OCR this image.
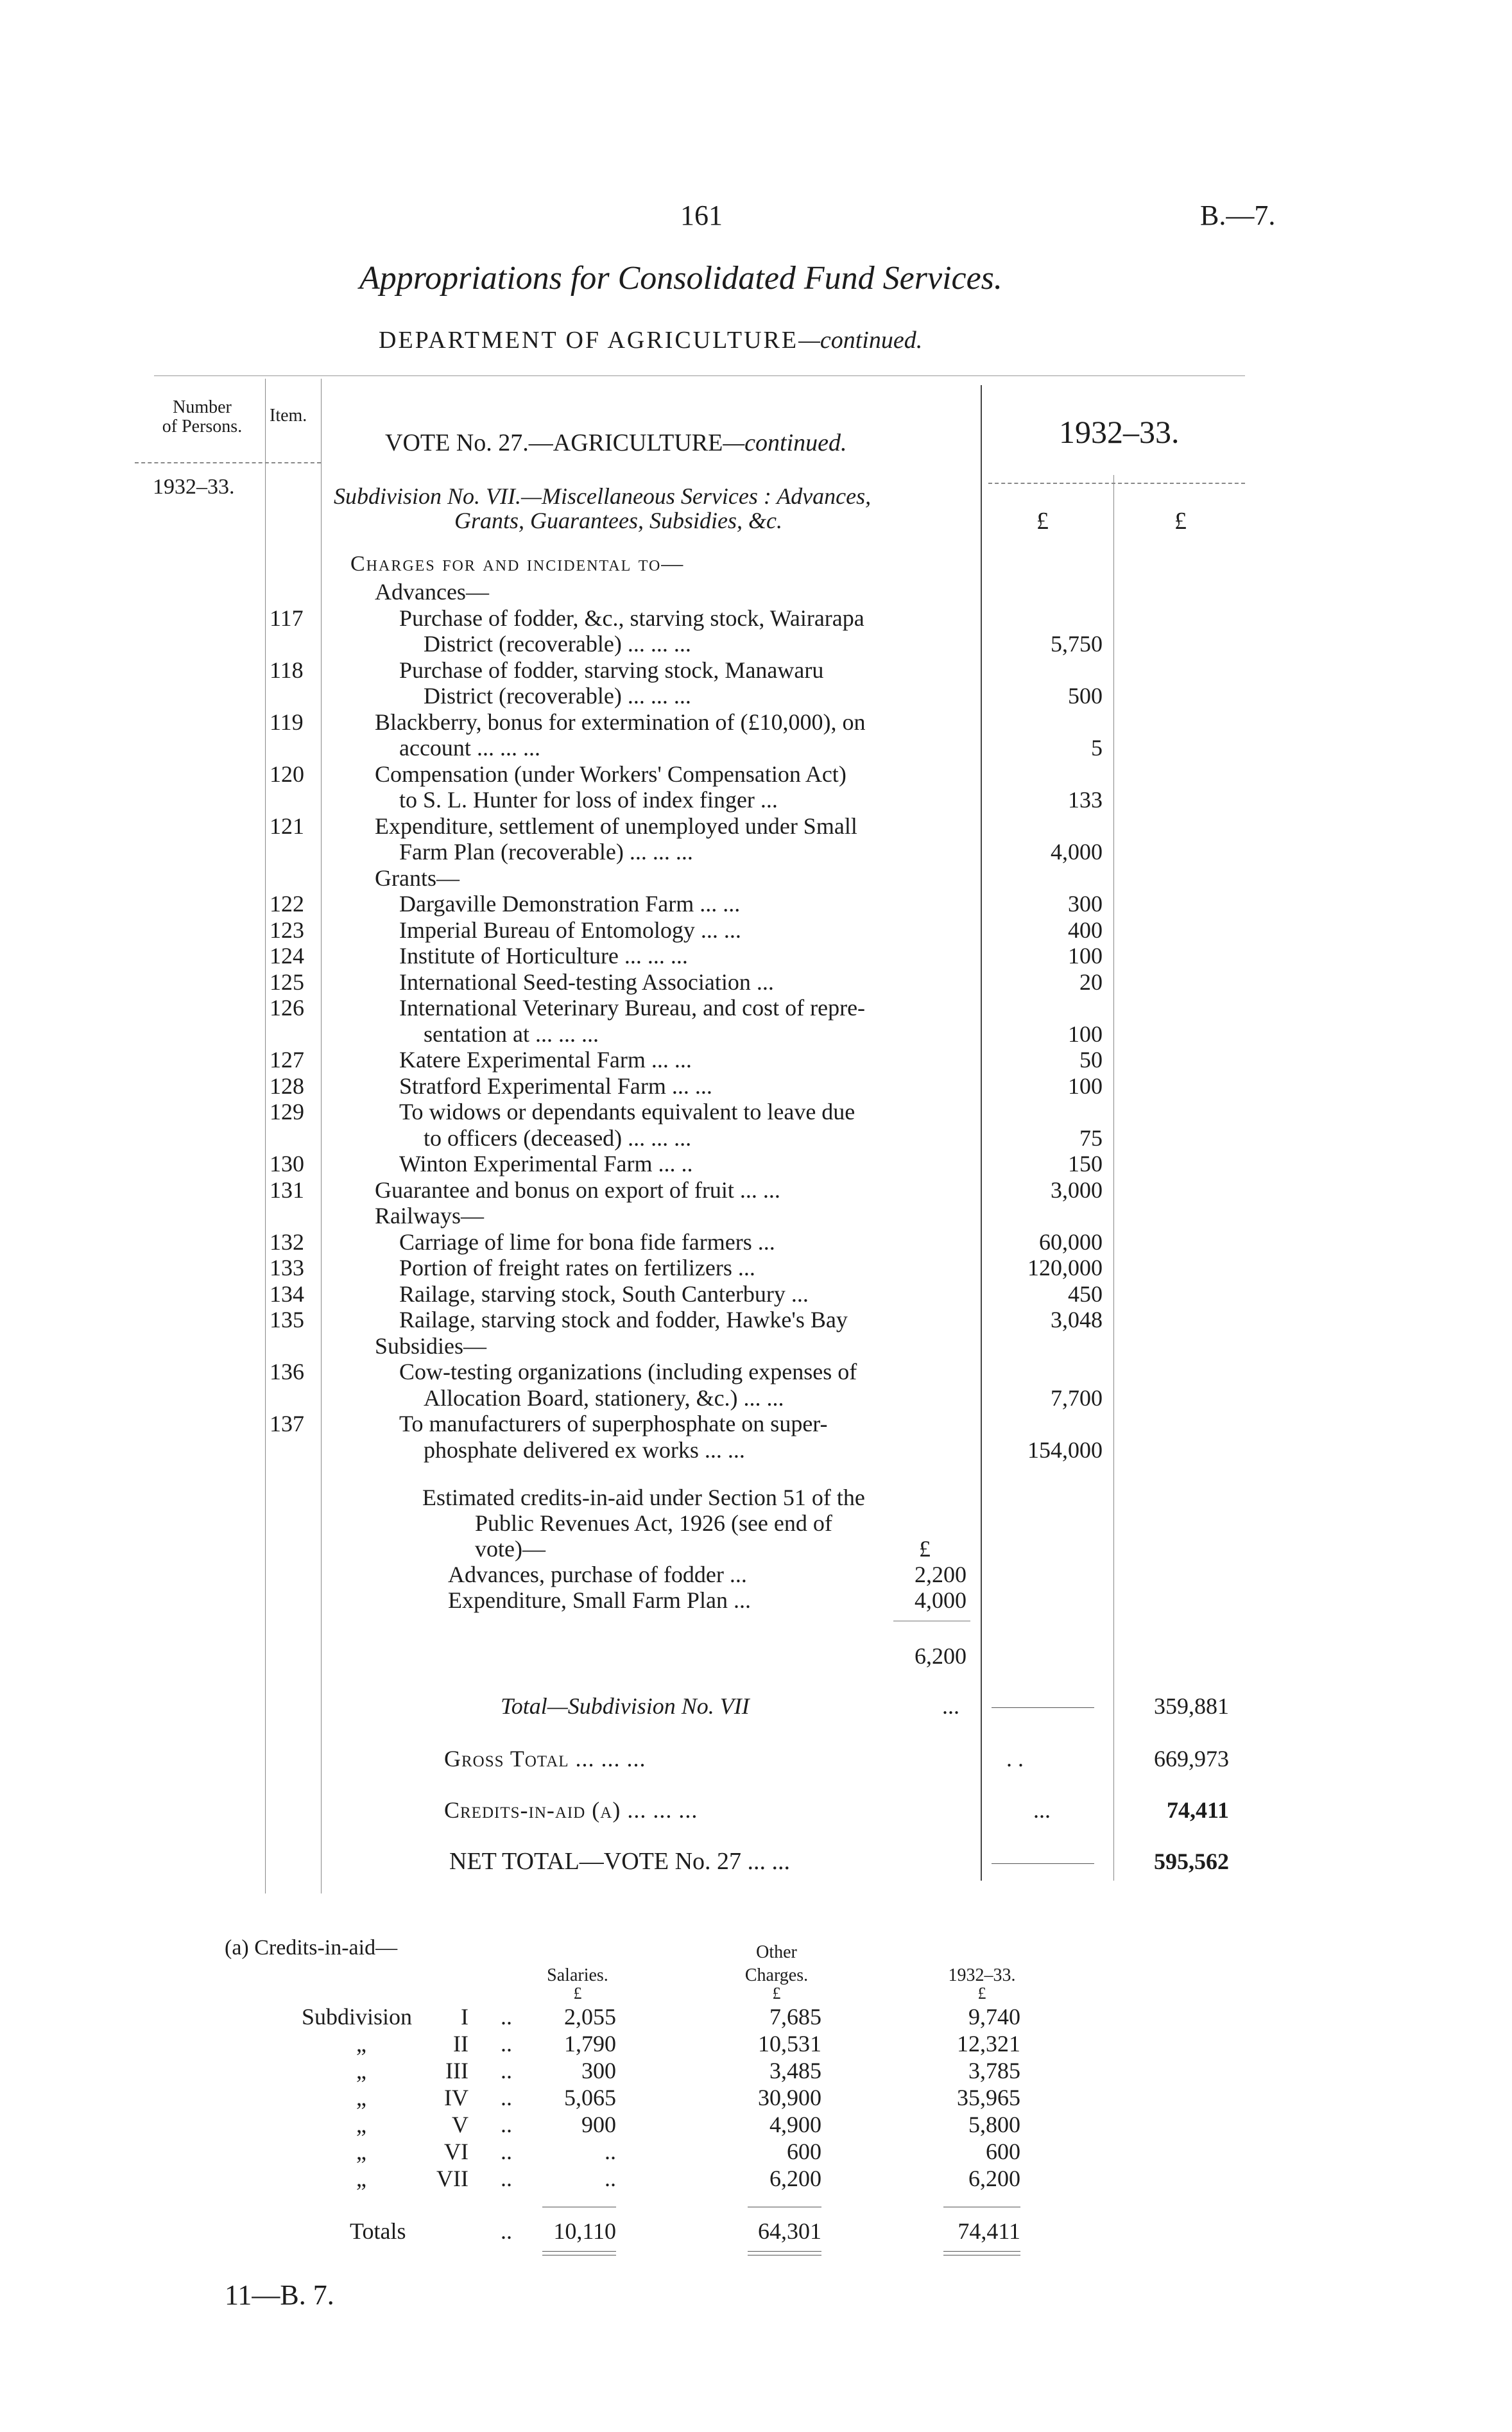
161	B.—7.
Appropriations for Consolidated Fund Services.
DEPARTMENT OF AGRICULTURE—continued.
Number
of Persons.
Item.
1932–33.
VOTE No. 27.—AGRICULTURE—continued.	1932–33.
£	£
Subdivision No. VII.—Miscellaneous Services : Advances,
Grants, Guarantees, Subsidies, &c.
Charges for and incidental to—
Advances—
117	Purchase of fodder, &c., starving stock, Wairarapa
District (recoverable) ... ... ...	5,750
118	Purchase of fodder, starving stock, Manawaru
District (recoverable) ... ... ...	500
119	Blackberry, bonus for extermination of (£10,000), on
account ... ... ...	5
120	Compensation (under Workers' Compensation Act)
to S. L. Hunter for loss of index finger ...	133
121	Expenditure, settlement of unemployed under Small
Farm Plan (recoverable) ... ... ...	4,000
Grants—
122	Dargaville Demonstration Farm ... ...	300
123	Imperial Bureau of Entomology ... ...	400
124	Institute of Horticulture ... ... ...	100
125	International Seed-testing Association ...	20
126	International Veterinary Bureau, and cost of repre-
sentation at ... ... ...	100
127	Katere Experimental Farm ... ...	50
128	Stratford Experimental Farm ... ...	100
129	To widows or dependants equivalent to leave due
to officers (deceased) ... ... ...	75
130	Winton Experimental Farm ... ..	150
131	Guarantee and bonus on export of fruit ... ...	3,000
Railways—
132	Carriage of lime for bona fide farmers ...	60,000
133	Portion of freight rates on fertilizers ...	120,000
134	Railage, starving stock, South Canterbury ...	450
135	Railage, starving stock and fodder, Hawke's Bay	3,048
Subsidies—
136	Cow-testing organizations (including expenses of
Allocation Board, stationery, &c.) ... ...	7,700
137	To manufacturers of superphosphate on super-
phosphate delivered ex works ... ...	154,000
Estimated credits-in-aid under Section 51 of the
Public Revenues Act, 1926 (see end of
vote)—	£
Advances, purchase of fodder ...	2,200
Expenditure, Small Farm Plan ...	4,000
6,200
Total—Subdivision No. VII	...	359,881
Gross Total ... ... ...	. .	669,973
Credits-in-aid (a) ... ... ...	...	74,411
NET TOTAL—VOTE No. 27 ... ...	595,562
(a) Credits-in-aid—
Salaries.
Other
Charges.	1932–33.
£	£	£
Subdivision	I ..	2,055	7,685	9,740
„	II ..	1,790	10,531	12,321
„	III ..	300	3,485	3,785
„	IV ..	5,065	30,900	35,965
„	V ..	900	4,900	5,800
„	VI ..	..	600	600
„	VII ..	..	6,200	6,200
Totals	..	10,110	64,301	74,411
11—B. 7.
